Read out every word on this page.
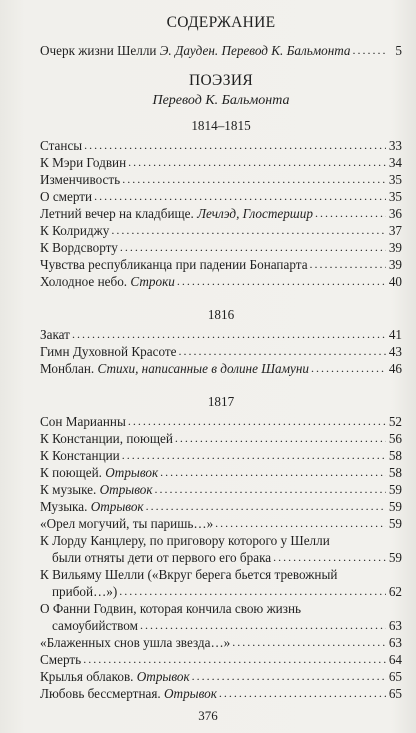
СОДЕРЖАНИЕ
Очерк жизни Шелли Э. Дауден. Перевод К. Бальмонта . . .	5
ПОЭЗИЯ
Перевод К. Бальмонта
1814–1815
Стансы . . .	33
К Мэри Годвин . . .	34
Изменчивость . . .	35
О смерти . . .	35
Летний вечер на кладбище. Лечлэд, Глостершир . . .	36
К Колриджу . . .	37
К Вордсворту . . .	39
Чувства республиканца при падении Бонапарта . . .	39
Холодное небо. Строки . . .	40
1816
Закат . . .	41
Гимн Духовной Красоте . . .	43
Монблан. Стихи, написанные в долине Шамуни . . .	46
1817
Сон Марианны . . .	52
К Констанции, поющей . . .	56
К Констанции . . .	58
К поющей. Отрывок . . .	58
К музыке. Отрывок . . .	59
Музыка. Отрывок . . .	59
«Орел могучий, ты паришь…» . . .	59
К Лорду Канцлеру, по приговору которого у Шелли
были отняты дети от первого его брака . . .	59
К Вильяму Шелли («Вкруг берега бьется тревожный
прибой…») . . .	62
О Фанни Годвин, которая кончила свою жизнь
самоубийством . . .	63
«Блаженных снов ушла звезда…» . . .	63
Смерть . . .	64
Крылья облаков. Отрывок . . .	65
Любовь бессмертная. Отрывок . . .	65
376
